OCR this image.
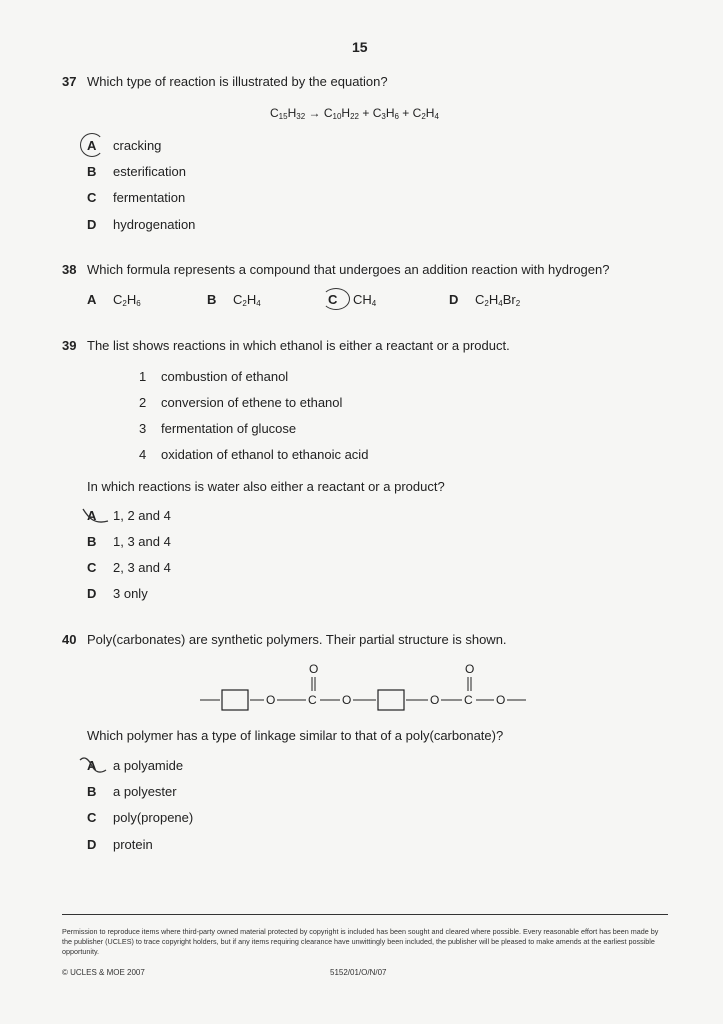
15
37 Which type of reaction is illustrated by the equation?
$C_{15}H_{32} \to C_{10}H_{22} + C_3H_6 + C_2H_4$
A cracking
B esterification
C fermentation
D hydrogenation
38 Which formula represents a compound that undergoes an addition reaction with hydrogen?
A $C_2H_6$	B $C_2H_4$	C $CH_4$	D $C_2H_4Br_2$
39 The list shows reactions in which ethanol is either a reactant or a product.
1 combustion of ethanol
2 conversion of ethene to ethanol
3 fermentation of glucose
4 oxidation of ethanol to ethanoic acid
In which reactions is water also either a reactant or a product?
A 1, 2 and 4
B 1, 3 and 4
C 2, 3 and 4
D 3 only
40 Poly(carbonates) are synthetic polymers. Their partial structure is shown.
O	C
O
O	O C
O
O
Which polymer has a type of linkage similar to that of a poly(carbonate)?
A a polyamide
B a polyester
C poly(propene)
D protein
Permission to reproduce items where third-party owned material protected by copyright is included has been sought and cleared where possible. Every reasonable effort has been made by the publisher (UCLES) to trace copyright holders, but if any items requiring clearance have unwittingly been included, the publisher will be pleased to make amends at the earliest possible opportunity.
© UCLES & MOE 2007	5152/01/O/N/07
